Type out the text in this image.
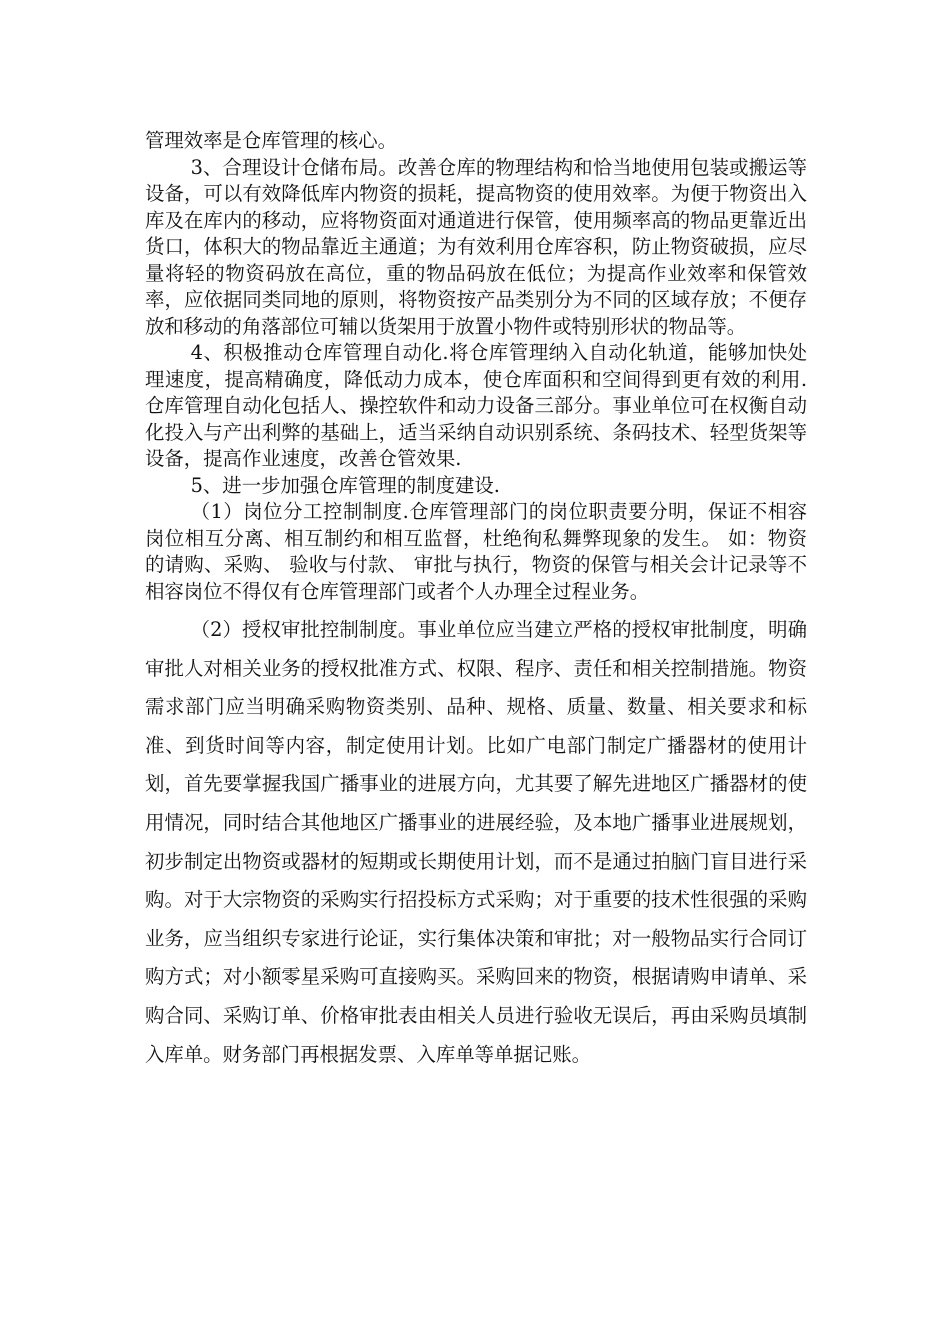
管理效率是仓库管理的核心。

3、合理设计仓储布局。改善仓库的物理结构和恰当地使用包装或搬运等设备，可以有效降低库内物资的损耗，提高物资的使用效率。为便于物资出入库及在库内的移动，应将物资面对通道进行保管，使用频率高的物品更靠近出货口，体积大的物品靠近主通道；为有效利用仓库容积，防止物资破损，应尽量将轻的物资码放在高位，重的物品码放在低位；为提高作业效率和保管效率，应依据同类同地的原则，将物资按产品类别分为不同的区域存放；不便存放和移动的角落部位可辅以货架用于放置小物件或特别形状的物品等。

4、积极推动仓库管理自动化.将仓库管理纳入自动化轨道，能够加快处理速度，提高精确度，降低动力成本，使仓库面积和空间得到更有效的利用.仓库管理自动化包括人、操控软件和动力设备三部分。事业单位可在权衡自动化投入与产出利弊的基础上，适当采纳自动识别系统、条码技术、轻型货架等设备，提高作业速度，改善仓管效果.

5、进一步加强仓库管理的制度建设.

（1）岗位分工控制制度.仓库管理部门的岗位职责要分明，保证不相容岗位相互分离、相互制约和相互监督，杜绝徇私舞弊现象的发生。 如：物资的请购、采购、 验收与付款、 审批与执行，物资的保管与相关会计记录等不相容岗位不得仅有仓库管理部门或者个人办理全过程业务。

（2）授权审批控制制度。事业单位应当建立严格的授权审批制度，明确审批人对相关业务的授权批准方式、权限、程序、责任和相关控制措施。物资需求部门应当明确采购物资类别、品种、规格、质量、数量、相关要求和标准、到货时间等内容，制定使用计划。比如广电部门制定广播器材的使用计划，首先要掌握我国广播事业的进展方向，尤其要了解先进地区广播器材的使用情况，同时结合其他地区广播事业的进展经验，及本地广播事业进展规划，初步制定出物资或器材的短期或长期使用计划，而不是通过拍脑门盲目进行采购。对于大宗物资的采购实行招投标方式采购；对于重要的技术性很强的采购业务，应当组织专家进行论证，实行集体决策和审批；对一般物品实行合同订购方式；对小额零星采购可直接购买。采购回来的物资，根据请购申请单、采购合同、采购订单、价格审批表由相关人员进行验收无误后，再由采购员填制入库单。财务部门再根据发票、入库单等单据记账。
